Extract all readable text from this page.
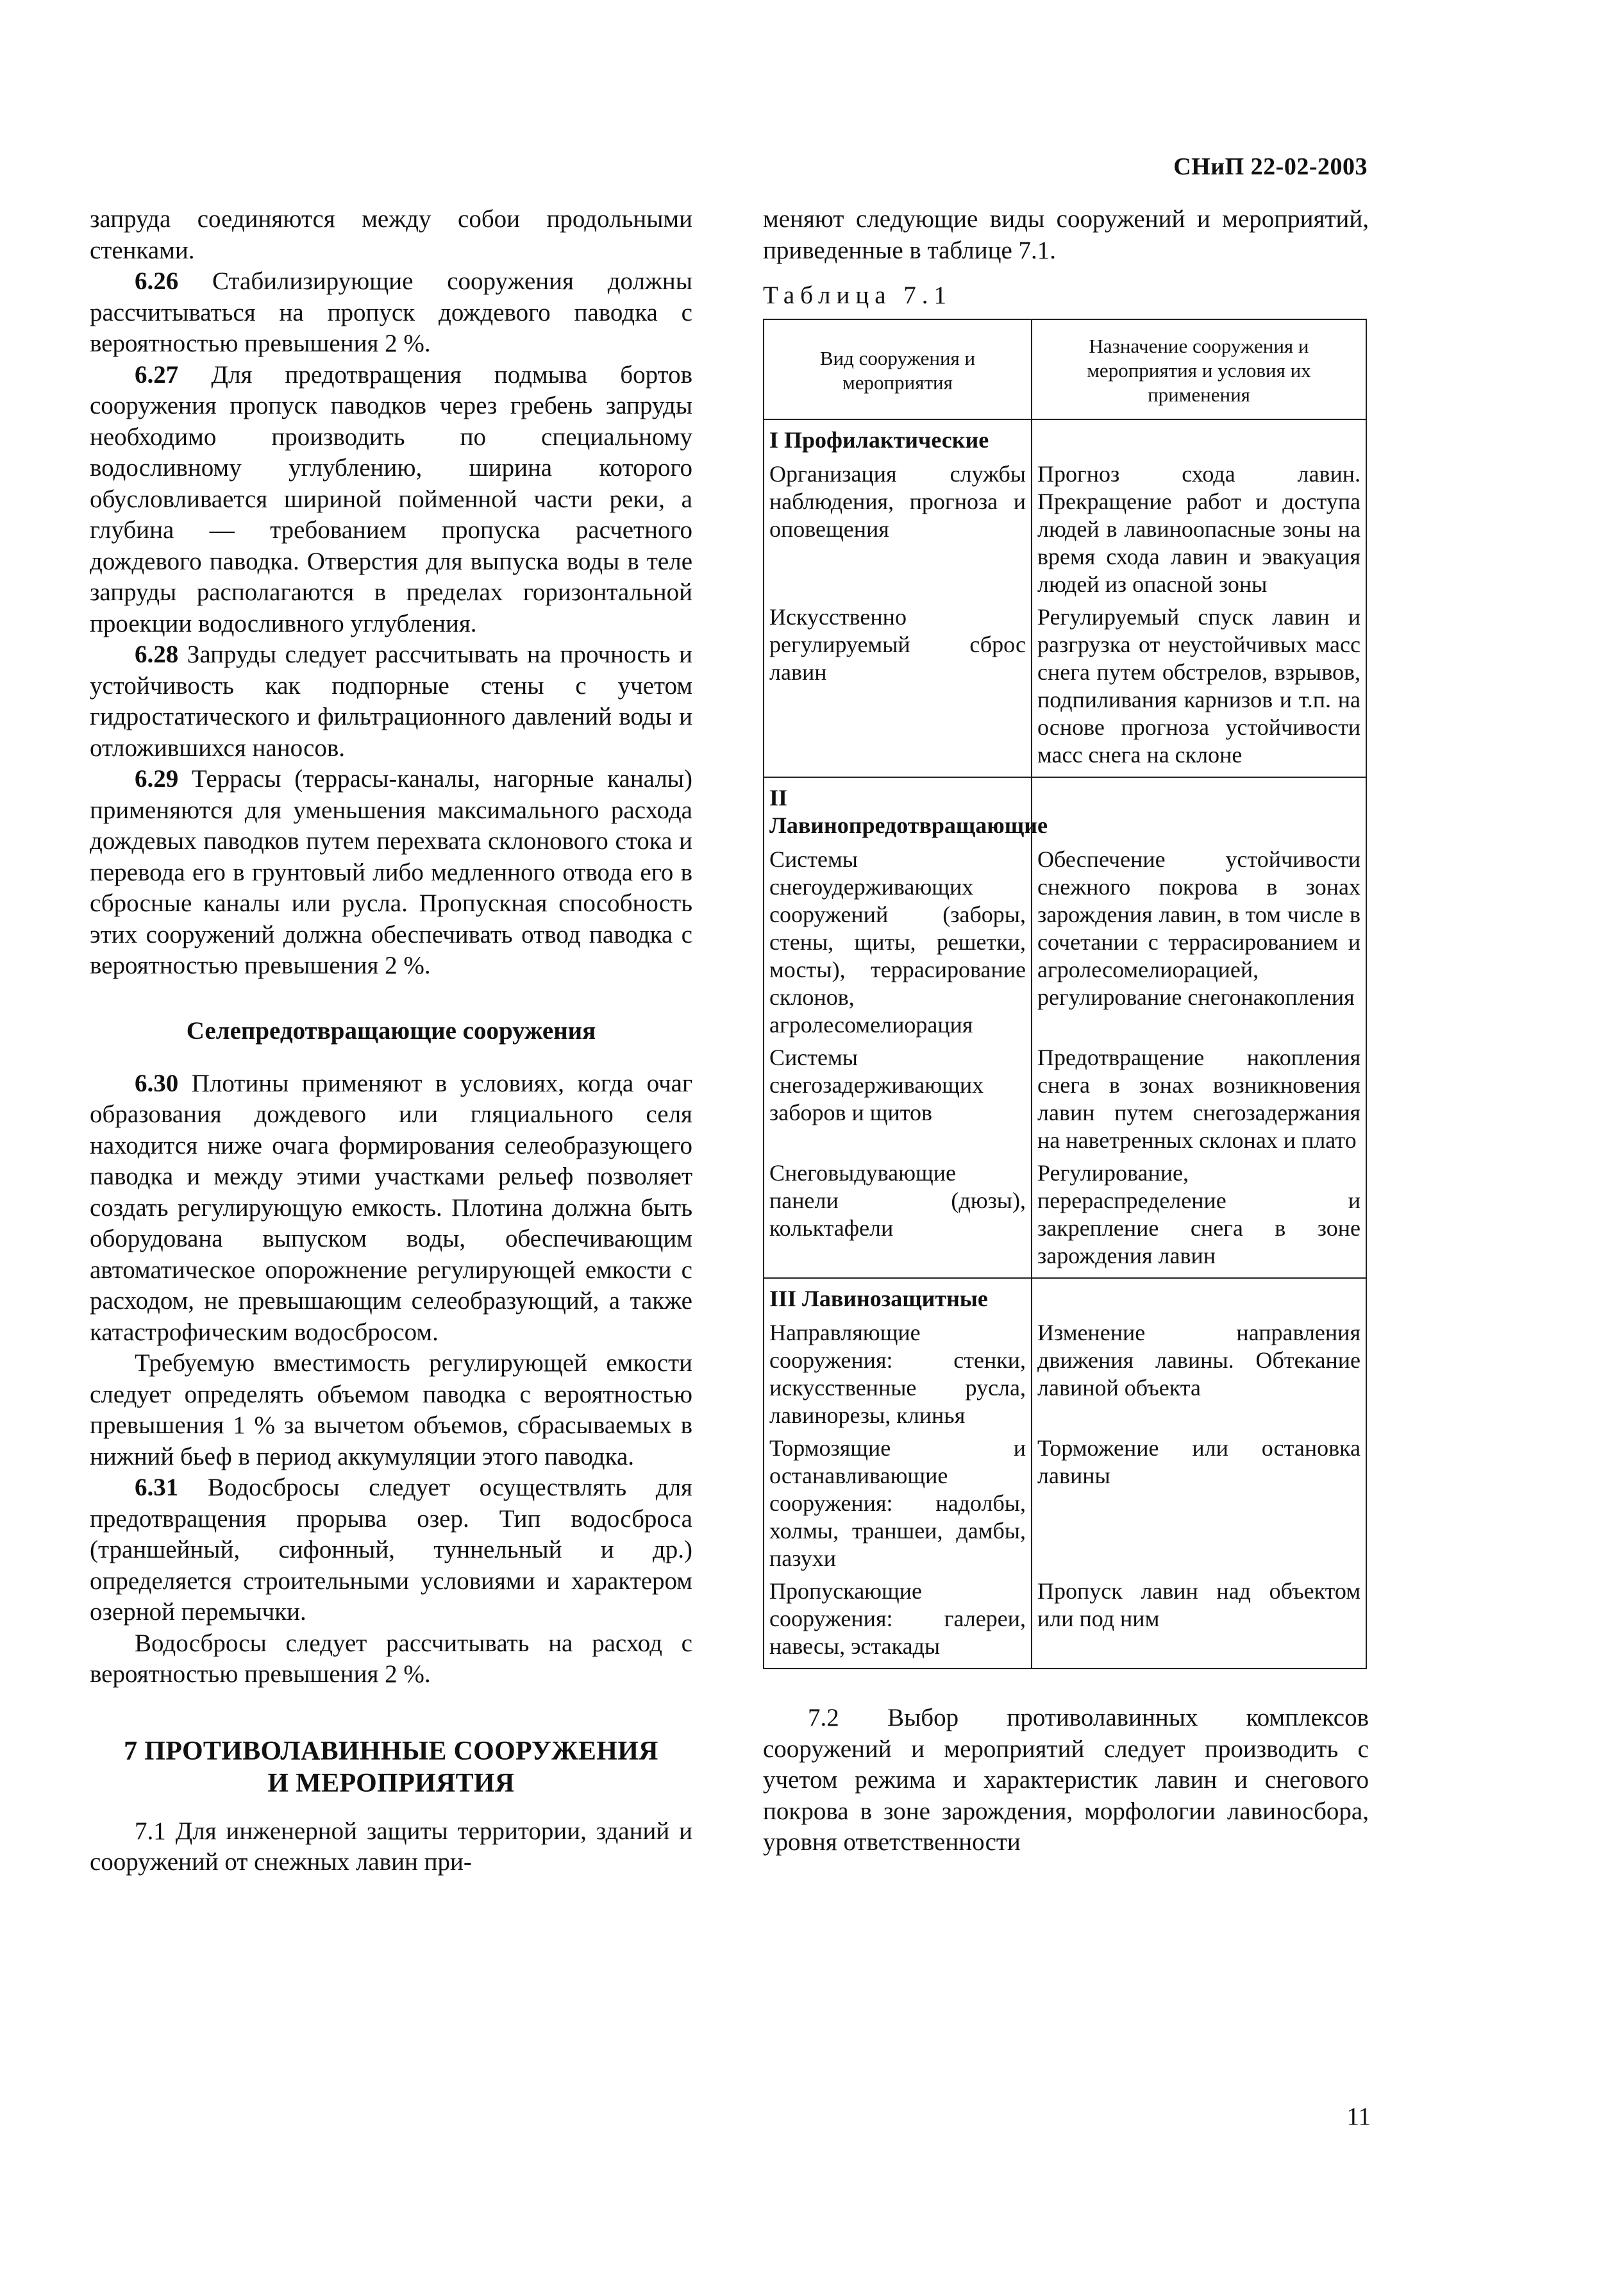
СНиП 22-02-2003

запруда соединяются между собои продольными стенками.

6.26 Стабилизирующие сооружения должны рассчитываться на пропуск дождевого паводка с вероятностью превышения 2 %.

6.27 Для предотвращения подмыва бортов сооружения пропуск паводков через гребень запруды необходимо производить по специальному водосливному углублению, ширина которого обусловливается шириной пойменной части реки, а глубина — требованием пропуска расчетного дождевого паводка. Отверстия для выпуска воды в теле запруды располагаются в пределах горизонтальной проекции водосливного углубления.

6.28 Запруды следует рассчитывать на прочность и устойчивость как подпорные стены с учетом гидростатического и фильтрационного давлений воды и отложившихся наносов.

6.29 Террасы (террасы-каналы, нагорные каналы) применяются для уменьшения максимального расхода дождевых паводков путем перехвата склонового стока и перевода его в грунтовый либо медленного отвода его в сбросные каналы или русла. Пропускная способность этих сооружений должна обеспечивать отвод паводка с вероятностью превышения 2 %.

Селепредотвращающие сооружения

6.30 Плотины применяют в условиях, когда очаг образования дождевого или гляциального селя находится ниже очага формирования селеобразующего паводка и между этими участками рельеф позволяет создать регулирующую емкость. Плотина должна быть оборудована выпуском воды, обеспечивающим автоматическое опорожнение регулирующей емкости с расходом, не превышающим селеобразующий, а также катастрофическим водосбросом.

Требуемую вместимость регулирующей емкости следует определять объемом паводка с вероятностью превышения 1 % за вычетом объемов, сбрасываемых в нижний бьеф в период аккумуляции этого паводка.

6.31 Водосбросы следует осуществлять для предотвращения прорыва озер. Тип водосброса (траншейный, сифонный, туннельный и др.) определяется строительными условиями и характером озерной перемычки.

Водосбросы следует рассчитывать на расход с вероятностью превышения 2 %.

7 ПРОТИВОЛАВИННЫЕ СООРУЖЕНИЯ
И МЕРОПРИЯТИЯ

7.1 Для инженерной защиты территории, зданий и сооружений от снежных лавин при-

меняют следующие виды сооружений и мероприятий, приведенные в таблице 7.1.

Таблица 7.1
Вид сооружения и мероприятия	Назначение сооружения и мероприятия и условия их применения
I Профилактические	
Организация службы наблюдения, прогноза и оповещения	Прогноз схода лавин. Прекращение работ и доступа людей в лавиноопасные зоны на время схода лавин и эвакуация людей из опасной зоны
Искусственно регулируемый сброс лавин	Регулируемый спуск лавин и разгрузка от неустойчивых масс снега путем обстрелов, взрывов, подпиливания карнизов и т.п. на основе прогноза устойчивости масс снега на склоне
II Лавинопредотвращающие	
Системы снегоудерживающих сооружений (заборы, стены, щиты, решетки, мосты), террасирование склонов, агролесомелиорация	Обеспечение устойчивости снежного покрова в зонах зарождения лавин, в том числе в сочетании с террасированием и агролесомелиорацией, регулирование снегонакопления
Системы снегозадерживающих заборов и щитов	Предотвращение накопления снега в зонах возникновения лавин путем снегозадержания на наветренных склонах и плато
Снеговыдувающие панели (дюзы), кольктафели	Регулирование, перераспределение и закрепление снега в зоне зарождения лавин
III Лавинозащитные	
Направляющие сооружения: стенки, искусственные русла, лавинорезы, клинья	Изменение направления движения лавины. Обтекание лавиной объекта
Тормозящие и останавливающие сооружения: надолбы, холмы, траншеи, дамбы, пазухи	Торможение или остановка лавины
Пропускающие сооружения: галереи, навесы, эстакады	Пропуск лавин над объектом или под ним

7.2 Выбор противолавинных комплексов сооружений и мероприятий следует производить с учетом режима и характеристик лавин и снегового покрова в зоне зарождения, морфологии лавиносбора, уровня ответственности

11
